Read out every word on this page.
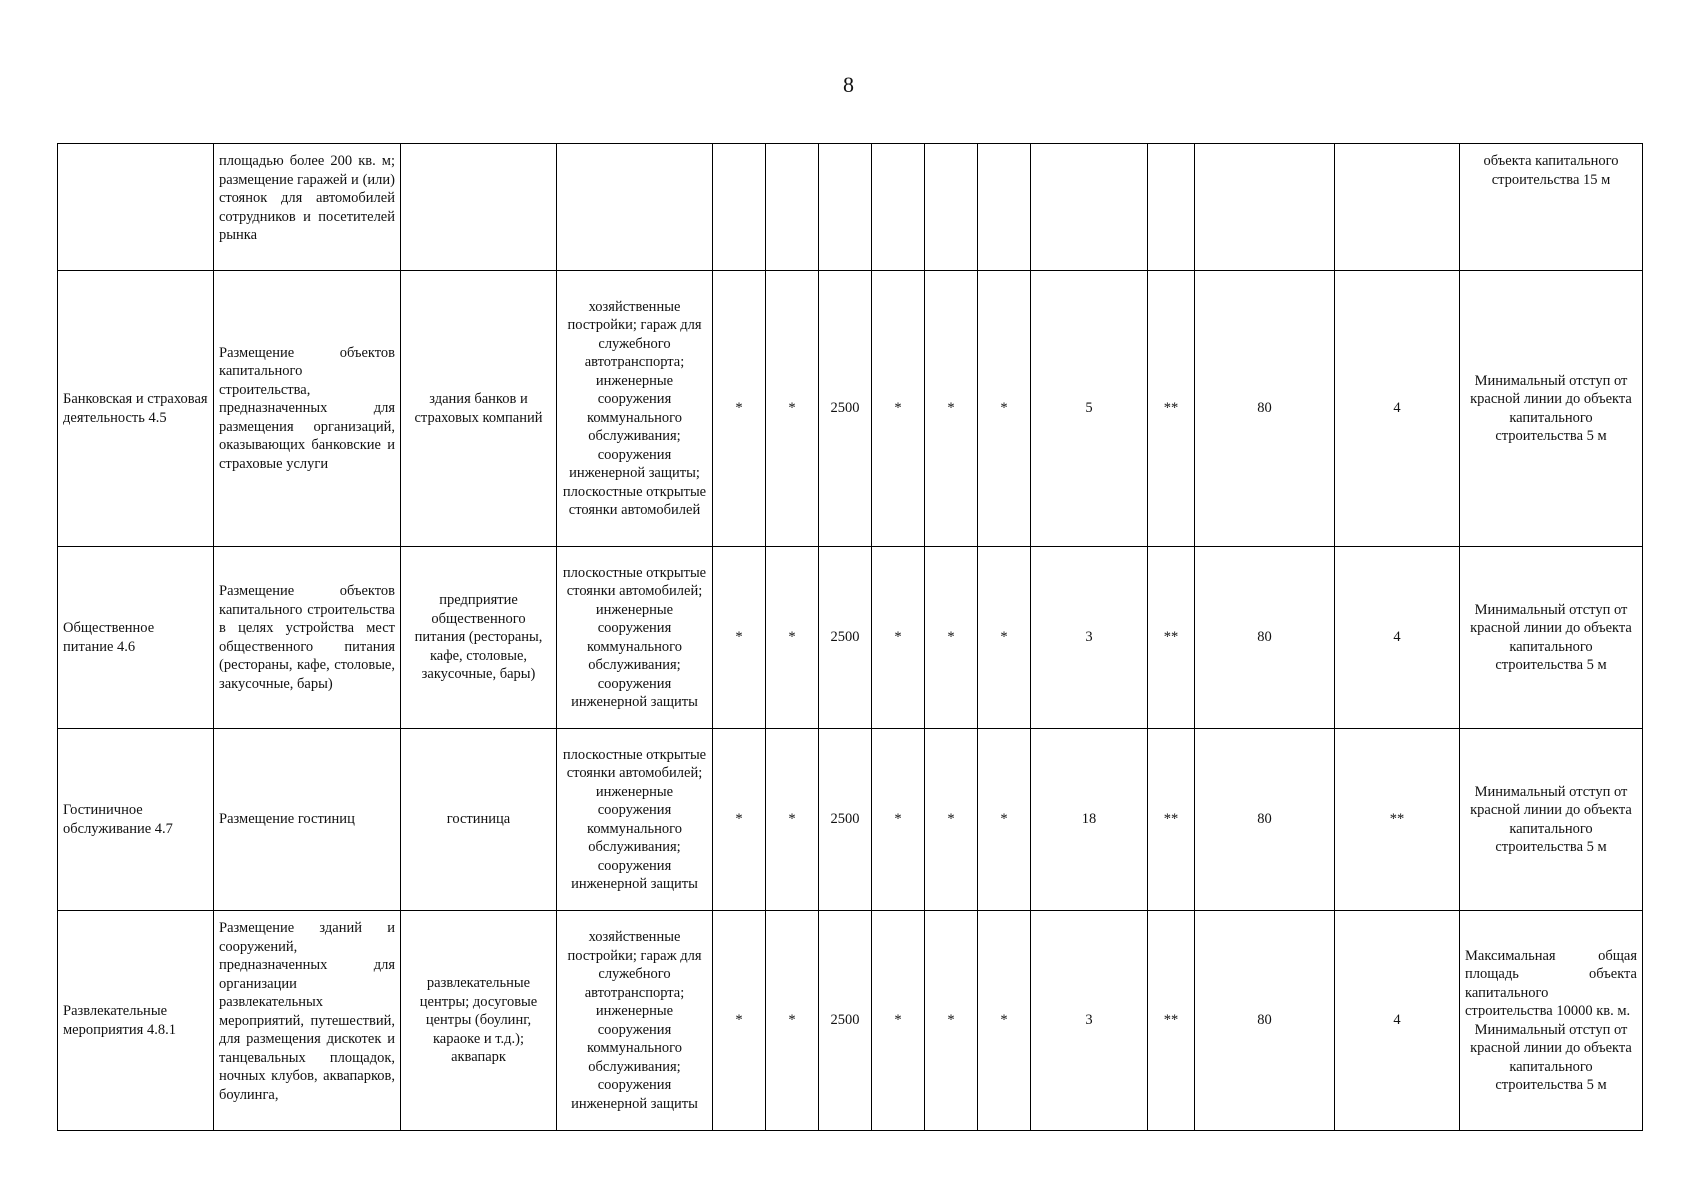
8
	площадью более 200 кв. м; размещение гаражей и (или) стоянок для автомобилей сотрудников и посетителей рынка													объекта капитального строительства 15 м

Банковская и страховая деятельность 4.5	Размещение объектов капитального строительства, предназначенных для размещения организаций, оказывающих банковские и страховые услуги	здания банков и страховых компаний	хозяйственные постройки; гараж для служебного автотранспорта; инженерные сооружения коммунального обслуживания; сооружения инженерной защиты; плоскостные открытые стоянки автомобилей	*	*	2500	*	*	*	5	**	80	4	Минимальный отступ от красной линии до объекта капитального строительства 5 м

Общественное питание 4.6	Размещение объектов капитального строительства в целях устройства мест общественного питания (рестораны, кафе, столовые, закусочные, бары)	предприятие общественного питания (рестораны, кафе, столовые, закусочные, бары)	плоскостные открытые стоянки автомобилей; инженерные сооружения коммунального обслуживания; сооружения инженерной защиты	*	*	2500	*	*	*	3	**	80	4	Минимальный отступ от красной линии до объекта капитального строительства 5 м

Гостиничное обслуживание 4.7	Размещение гостиниц	гостиница	плоскостные открытые стоянки автомобилей; инженерные сооружения коммунального обслуживания; сооружения инженерной защиты	*	*	2500	*	*	*	18	**	80	**	Минимальный отступ от красной линии до объекта капитального строительства 5 м

Развлекательные мероприятия 4.8.1	Размещение зданий и сооружений, предназначенных для организации развлекательных мероприятий, путешествий, для размещения дискотек и танцевальных площадок, ночных клубов, аквапарков, боулинга,	развлекательные центры; досуговые центры (боулинг, караоке и т.д.); аквапарк	хозяйственные постройки; гараж для служебного автотранспорта; инженерные сооружения коммунального обслуживания; сооружения инженерной защиты	*	*	2500	*	*	*	3	**	80	4	Максимальная общая площадь объекта капитального строительства 10000 кв. м.
Минимальный отступ от красной линии до объекта капитального строительства 5 м
